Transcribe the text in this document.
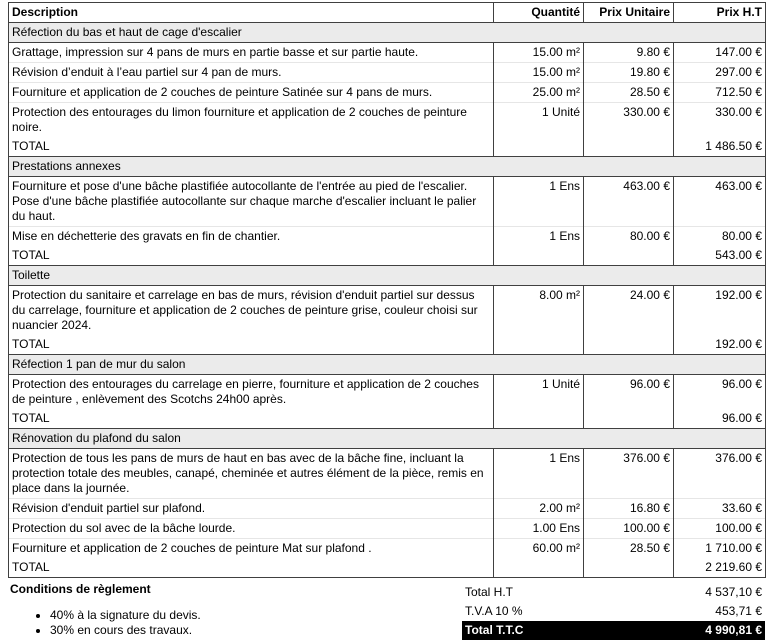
Description	Quantité	Prix Unitaire	Prix H.T
Réfection du bas et haut de cage d'escalier			
Grattage, impression sur 4 pans de murs en partie basse et sur partie haute.	15.00 m²	9.80 €	147.00 €
Révision d’enduit à l’eau partiel sur 4 pan de murs.	15.00 m²	19.80 €	297.00 €
Fourniture et application de 2 couches de peinture Satinée sur 4 pans de murs.	25.00 m²	28.50 €	712.50 €
Protection des entourages du limon fourniture et application de 2 couches de peinture noire.	1 Unité	330.00 €	330.00 €
TOTAL			1 486.50 €
Prestations annexes			
Fourniture et pose d'une bâche plastifiée autocollante de l'entrée au pied de l'escalier. Pose d'une bâche plastifiée autocollante sur chaque marche d'escalier incluant le palier du haut.	1 Ens	463.00 €	463.00 €
Mise en déchetterie des gravats en fin de chantier.	1 Ens	80.00 €	80.00 €
TOTAL			543.00 €
Toilette			
Protection du sanitaire et carrelage en bas de murs, révision d'enduit partiel sur dessus du carrelage, fourniture et application de 2 couches de peinture grise, couleur choisi sur nuancier 2024.	8.00 m²	24.00 €	192.00 €
TOTAL			192.00 €
Réfection 1 pan de mur du salon			
Protection des entourages du carrelage en pierre, fourniture et application de 2 couches de peinture , enlèvement des Scotchs 24h00 après.	1 Unité	96.00 €	96.00 €
TOTAL			96.00 €
Rénovation du plafond du salon			
Protection de tous les pans de murs de haut en bas avec de la bâche fine, incluant la protection totale des meubles, canapé, cheminée et autres élément de la pièce, remis en place dans la journée.	1 Ens	376.00 €	376.00 €
Révision d'enduit partiel sur plafond.	2.00 m²	16.80 €	33.60 €
Protection du sol avec de la bâche lourde.	1.00 Ens	100.00 €	100.00 €
Fourniture et application de 2 couches de peinture Mat sur plafond .	60.00 m²	28.50 €	1 710.00 €
TOTAL			2 219.60 €
Conditions de règlement
• 40% à la signature du devis.
• 30% en cours des travaux.
Total H.T	4 537,10 €
T.V.A 10 %	453,71 €
Total T.T.C	4 990,81 €
